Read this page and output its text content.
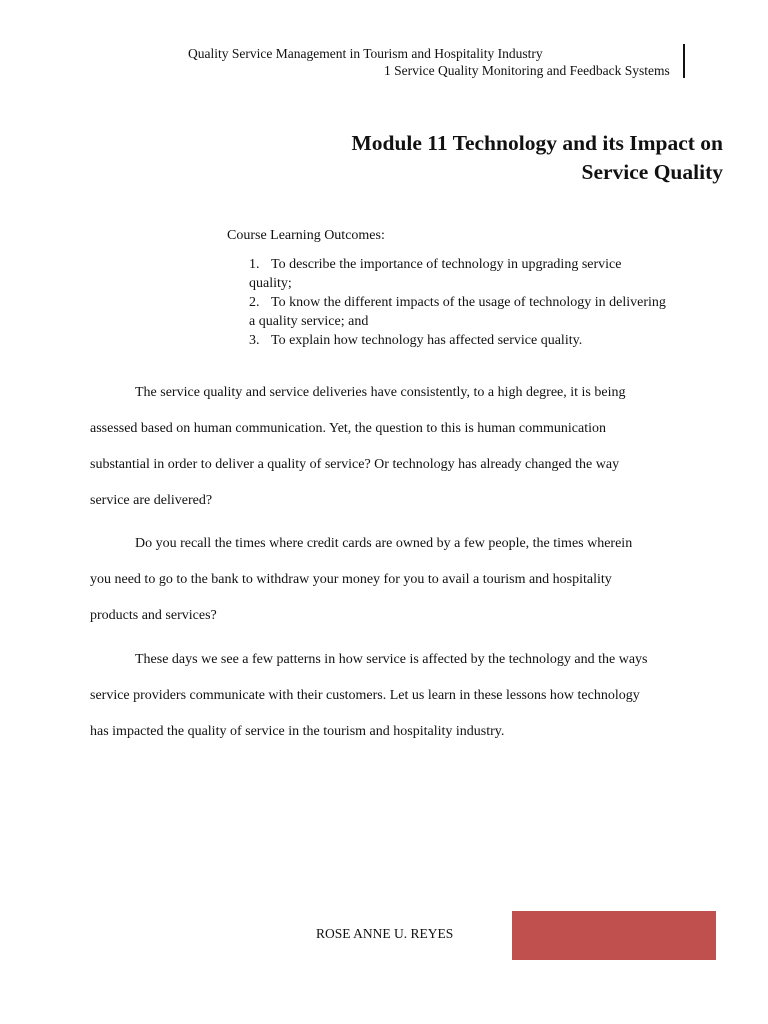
Quality Service Management in Tourism and Hospitality Industry
1 Service Quality Monitoring and Feedback Systems
Module 11 Technology and its Impact on
Service Quality
Course Learning Outcomes:
1. To describe the importance of technology in upgrading service
quality;
2. To know the different impacts of the usage of technology in delivering
a quality service; and
3. To explain how technology has affected service quality.

The service quality and service deliveries have consistently, to a high degree, it is being
assessed based on human communication. Yet, the question to this is human communication
substantial in order to deliver a quality of service? Or technology has already changed the way
service are delivered?

Do you recall the times where credit cards are owned by a few people, the times wherein
you need to go to the bank to withdraw your money for you to avail a tourism and hospitality
products and services?

These days we see a few patterns in how service is affected by the technology and the ways
service providers communicate with their customers. Let us learn in these lessons how technology
has impacted the quality of service in the tourism and hospitality industry.

ROSE ANNE U. REYES
